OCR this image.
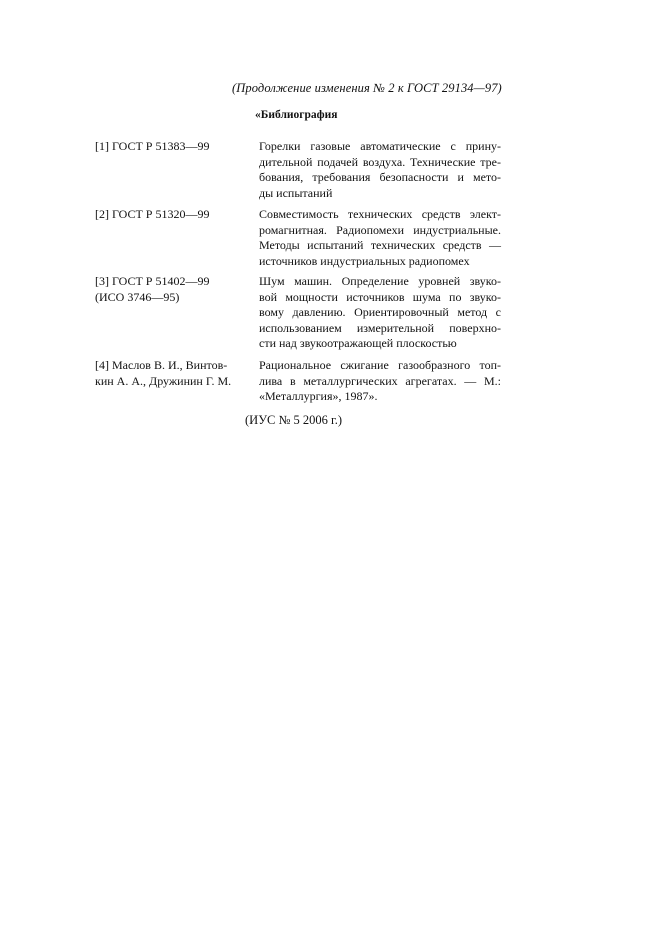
(Продолжение изменения № 2 к ГОСТ 29134—97)
«Библиография
[1] ГОСТ Р 51383—99	Горелки газовые автоматические с прину-
дительной подачей воздуха. Технические тре-
бования, требования безопасности и мето-
ды испытаний
[2] ГОСТ Р 51320—99	Совместимость технических средств элект-
ромагнитная. Радиопомехи индустриальные.
Методы испытаний технических средств —
источников индустриальных радиопомех
[3] ГОСТ Р 51402—99
(ИСО 3746—95)
Шум машин. Определение уровней звуко-
вой мощности источников шума по звуко-
вому давлению. Ориентировочный метод с
использованием измерительной поверхно-
сти над звукоотражающей плоскостью
[4] Маслов В. И., Винтов-
кин А. А., Дружинин Г. М.
Рациональное сжигание газообразного топ-
лива в металлургических агрегатах. — М.:
«Металлургия», 1987».
(ИУС № 5 2006 г.)
